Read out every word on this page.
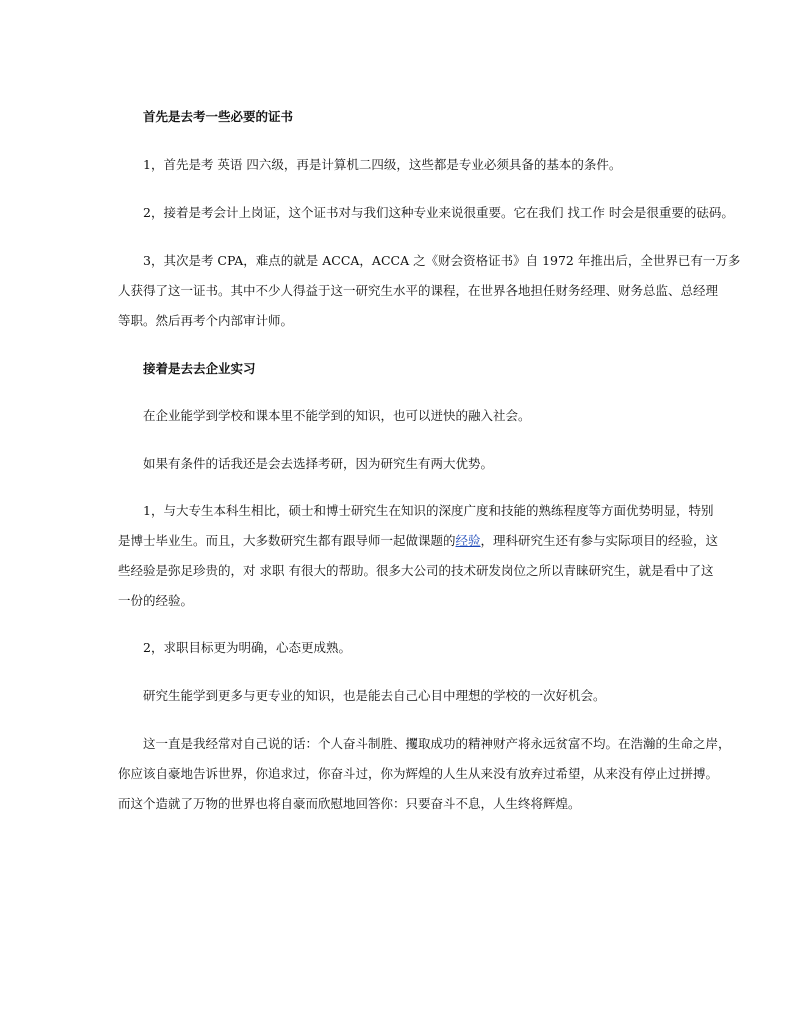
首先是去考一些必要的证书

1，首先是考 英语 四六级，再是计算机二四级，这些都是专业必须具备的基本的条件。

2，接着是考会计上岗证，这个证书对与我们这种专业来说很重要。它在我们 找工作 时会是很重要的砝码。

3，其次是考 CPA，难点的就是 ACCA，ACCA 之《财会资格证书》自 1972 年推出后，全世界已有一万多

人获得了这一证书。其中不少人得益于这一研究生水平的课程，在世界各地担任财务经理、财务总监、总经理

等职。然后再考个内部审计师。

接着是去去企业实习

在企业能学到学校和课本里不能学到的知识，也可以迸快的融入社会。

如果有条件的话我还是会去选择考研，因为研究生有两大优势。

1，与大专生本科生相比，硕士和博士研究生在知识的深度广度和技能的熟练程度等方面优势明显，特别

是博士毕业生。而且，大多数研究生都有跟导师一起做课题的经验，理科研究生还有参与实际项目的经验，这

些经验是弥足珍贵的，对 求职 有很大的帮助。很多大公司的技术研发岗位之所以青睐研究生，就是看中了这

一份的经验。

2，求职目标更为明确，心态更成熟。

研究生能学到更多与更专业的知识，也是能去自己心目中理想的学校的一次好机会。

这一直是我经常对自己说的话：个人奋斗制胜、攫取成功的精神财产将永远贫富不均。在浩瀚的生命之岸，

你应该自豪地告诉世界，你追求过，你奋斗过，你为辉煌的人生从来没有放弃过希望，从来没有停止过拼搏。

而这个造就了万物的世界也将自豪而欣慰地回答你：只要奋斗不息，人生终将辉煌。
